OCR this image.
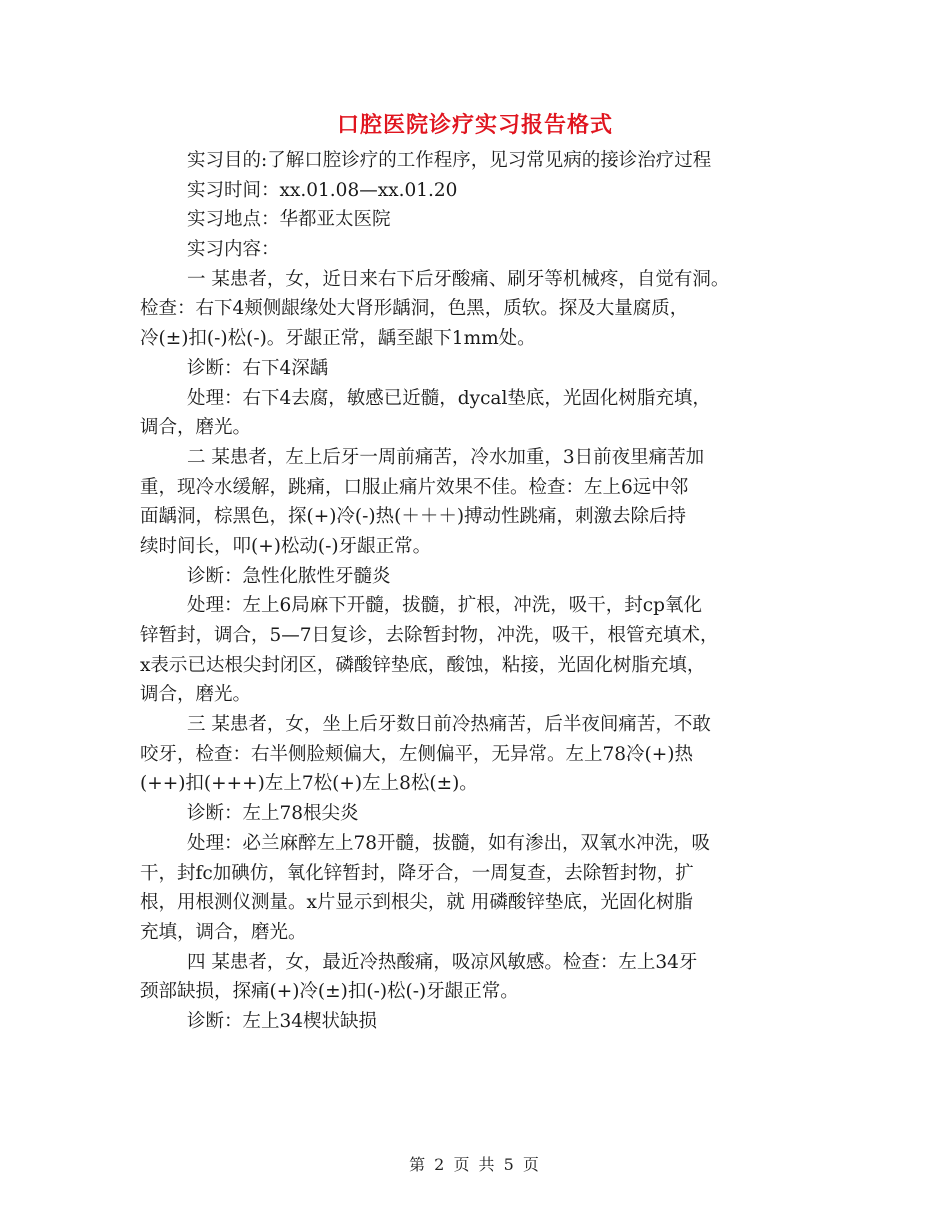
口腔医院诊疗实习报告格式
实习目的:了解口腔诊疗的工作程序，见习常见病的接诊治疗过程
实习时间：xx.01.08—xx.01.20
实习地点：华都亚太医院
实习内容：
一 某患者，女，近日来右下后牙酸痛、刷牙等机械疼，自觉有洞。
检查：右下4颊侧龈缘处大肾形龋洞，色黑，质软。探及大量腐质，
冷(±)扣(-)松(-)。牙龈正常，龋至龈下1mm处。
诊断：右下4深龋
处理：右下4去腐，敏感已近髓，dycal垫底，光固化树脂充填，
调合，磨光。
二 某患者，左上后牙一周前痛苦，冷水加重，3日前夜里痛苦加
重，现冷水缓解，跳痛，口服止痛片效果不佳。检查：左上6远中邻
面龋洞，棕黑色，探(+)冷(-)热(＋＋＋)搏动性跳痛，刺激去除后持
续时间长，叩(+)松动(-)牙龈正常。
诊断：急性化脓性牙髓炎
处理：左上6局麻下开髓，拔髓，扩根，冲洗，吸干，封cp氧化
锌暂封，调合，5—7日复诊，去除暂封物，冲洗，吸干，根管充填术，
x表示已达根尖封闭区，磷酸锌垫底，酸蚀，粘接，光固化树脂充填，
调合，磨光。
三 某患者，女，坐上后牙数日前冷热痛苦，后半夜间痛苦，不敢
咬牙，检查：右半侧脸颊偏大，左侧偏平，无异常。左上78冷(+)热
(++)扣(+++)左上7松(+)左上8松(±)。
诊断：左上78根尖炎
处理：必兰麻醉左上78开髓，拔髓，如有渗出，双氧水冲洗，吸
干，封fc加碘仿，氧化锌暂封，降牙合，一周复查，去除暂封物，扩
根，用根测仪测量。x片显示到根尖，就 用磷酸锌垫底，光固化树脂
充填，调合，磨光。
四 某患者，女，最近冷热酸痛，吸凉风敏感。检查：左上34牙
颈部缺损，探痛(+)冷(±)扣(-)松(-)牙龈正常。
诊断：左上34楔状缺损
第 2 页 共 5 页
